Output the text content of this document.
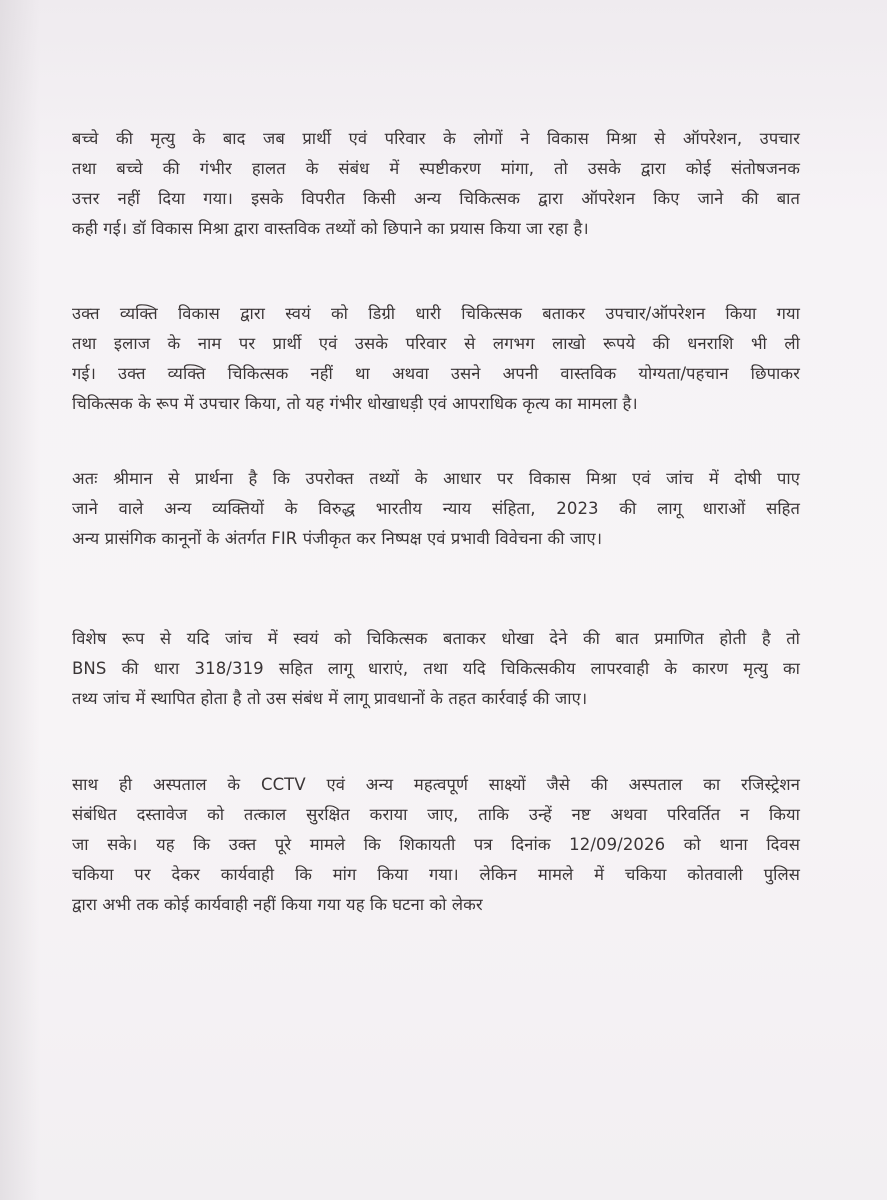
बच्चे की मृत्यु के बाद जब प्रार्थी एवं परिवार के लोगों ने विकास मिश्रा से ऑपरेशन, उपचार
तथा बच्चे की गंभीर हालत के संबंध में स्पष्टीकरण मांगा, तो उसके द्वारा कोई संतोषजनक
उत्तर नहीं दिया गया। इसके विपरीत किसी अन्य चिकित्सक द्वारा ऑपरेशन किए जाने की बात
कही गई। डॉ विकास मिश्रा द्वारा वास्तविक तथ्यों को छिपाने का प्रयास किया जा रहा है।
उक्त व्यक्ति विकास द्वारा स्वयं को डिग्री धारी चिकित्सक बताकर उपचार/ऑपरेशन किया गया
तथा इलाज के नाम पर प्रार्थी एवं उसके परिवार से लगभग लाखो रूपये की धनराशि भी ली
गई। उक्त व्यक्ति चिकित्सक नहीं था अथवा उसने अपनी वास्तविक योग्यता/पहचान छिपाकर
चिकित्सक के रूप में उपचार किया, तो यह गंभीर धोखाधड़ी एवं आपराधिक कृत्य का मामला है।
अतः श्रीमान से प्रार्थना है कि उपरोक्त तथ्यों के आधार पर विकास मिश्रा एवं जांच में दोषी पाए
जाने वाले अन्य व्यक्तियों के विरुद्ध भारतीय न्याय संहिता, 2023 की लागू धाराओं सहित
अन्य प्रासंगिक कानूनों के अंतर्गत FIR पंजीकृत कर निष्पक्ष एवं प्रभावी विवेचना की जाए।
विशेष रूप से यदि जांच में स्वयं को चिकित्सक बताकर धोखा देने की बात प्रमाणित होती है तो
BNS की धारा 318/319 सहित लागू धाराएं, तथा यदि चिकित्सकीय लापरवाही के कारण मृत्यु का
तथ्य जांच में स्थापित होता है तो उस संबंध में लागू प्रावधानों के तहत कार्रवाई की जाए।
साथ ही अस्पताल के CCTV एवं अन्य महत्वपूर्ण साक्ष्यों जैसे की अस्पताल का रजिस्ट्रेशन
संबंधित दस्तावेज को तत्काल सुरक्षित कराया जाए, ताकि उन्हें नष्ट अथवा परिवर्तित न किया
जा सके। यह कि उक्त पूरे मामले कि शिकायती पत्र दिनांक 12/09/2026 को थाना दिवस
चकिया पर देकर कार्यवाही कि मांग किया गया। लेकिन मामले में चकिया कोतवाली पुलिस
द्वारा अभी तक कोई कार्यवाही नहीं किया गया यह कि घटना को लेकर
